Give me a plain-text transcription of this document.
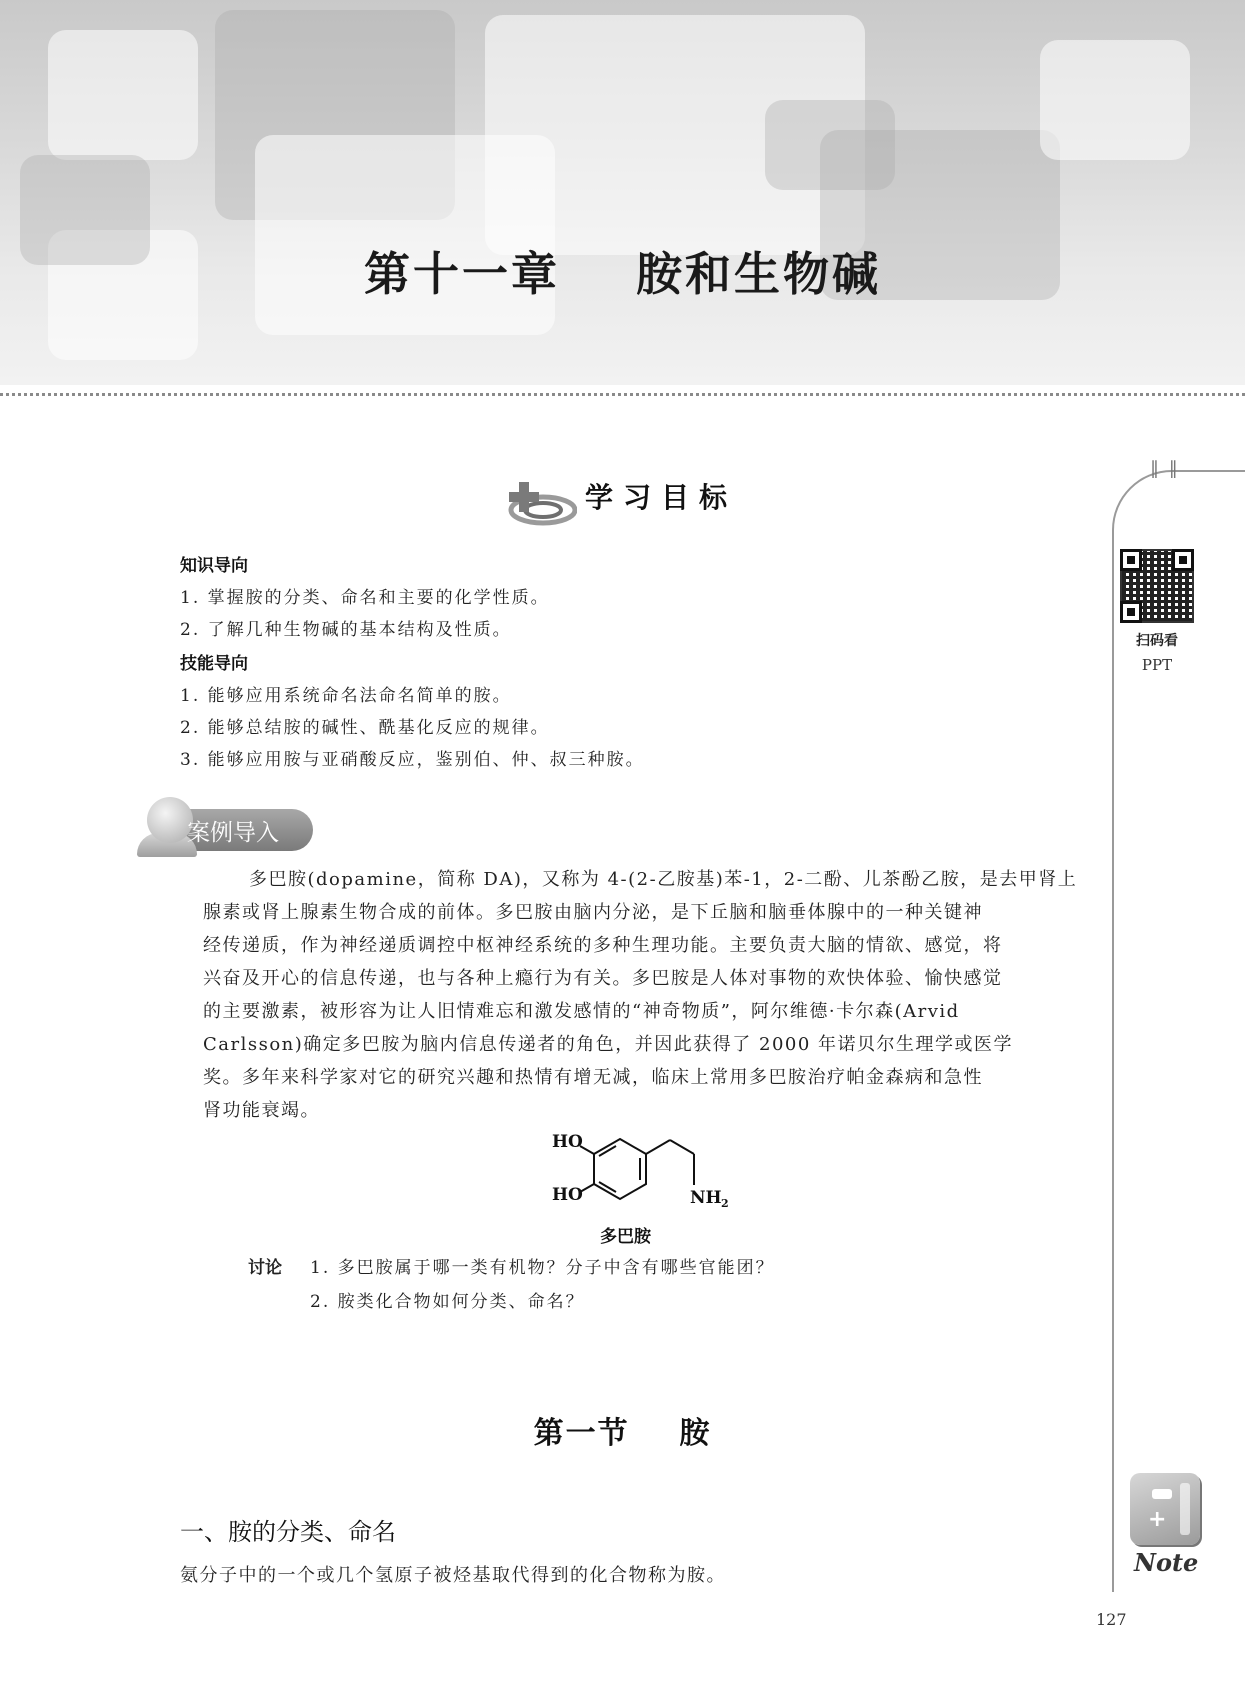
第十一章    胺和生物碱
‖ ‖
扫码看
PPT
+
Note
127
学习目标
知识导向
1. 掌握胺的分类、命名和主要的化学性质。
2. 了解几种生物碱的基本结构及性质。
技能导向
1. 能够应用系统命名法命名简单的胺。
2. 能够总结胺的碱性、酰基化反应的规律。
3. 能够应用胺与亚硝酸反应，鉴别伯、仲、叔三种胺。
案例导入
多巴胺(dopamine，简称 DA)，又称为 4-(2-乙胺基)苯-1，2-二酚、儿茶酚乙胺，是去甲肾上
腺素或肾上腺素生物合成的前体。多巴胺由脑内分泌，是下丘脑和脑垂体腺中的一种关键神
经传递质，作为神经递质调控中枢神经系统的多种生理功能。主要负责大脑的情欲、感觉，将
兴奋及开心的信息传递，也与各种上瘾行为有关。多巴胺是人体对事物的欢快体验、愉快感觉
的主要激素，被形容为让人旧情难忘和激发感情的“神奇物质”，阿尔维德·卡尔森(Arvid
Carlsson)确定多巴胺为脑内信息传递者的角色，并因此获得了 2000 年诺贝尔生理学或医学
奖。多年来科学家对它的研究兴趣和热情有增无减，临床上常用多巴胺治疗帕金森病和急性
肾功能衰竭。
HO
HO	NH 2
多巴胺
讨论 1. 多巴胺属于哪一类有机物？分子中含有哪些官能团？
2. 胺类化合物如何分类、命名？
第一节    胺
一、胺的分类、命名
氨分子中的一个或几个氢原子被烃基取代得到的化合物称为胺。
